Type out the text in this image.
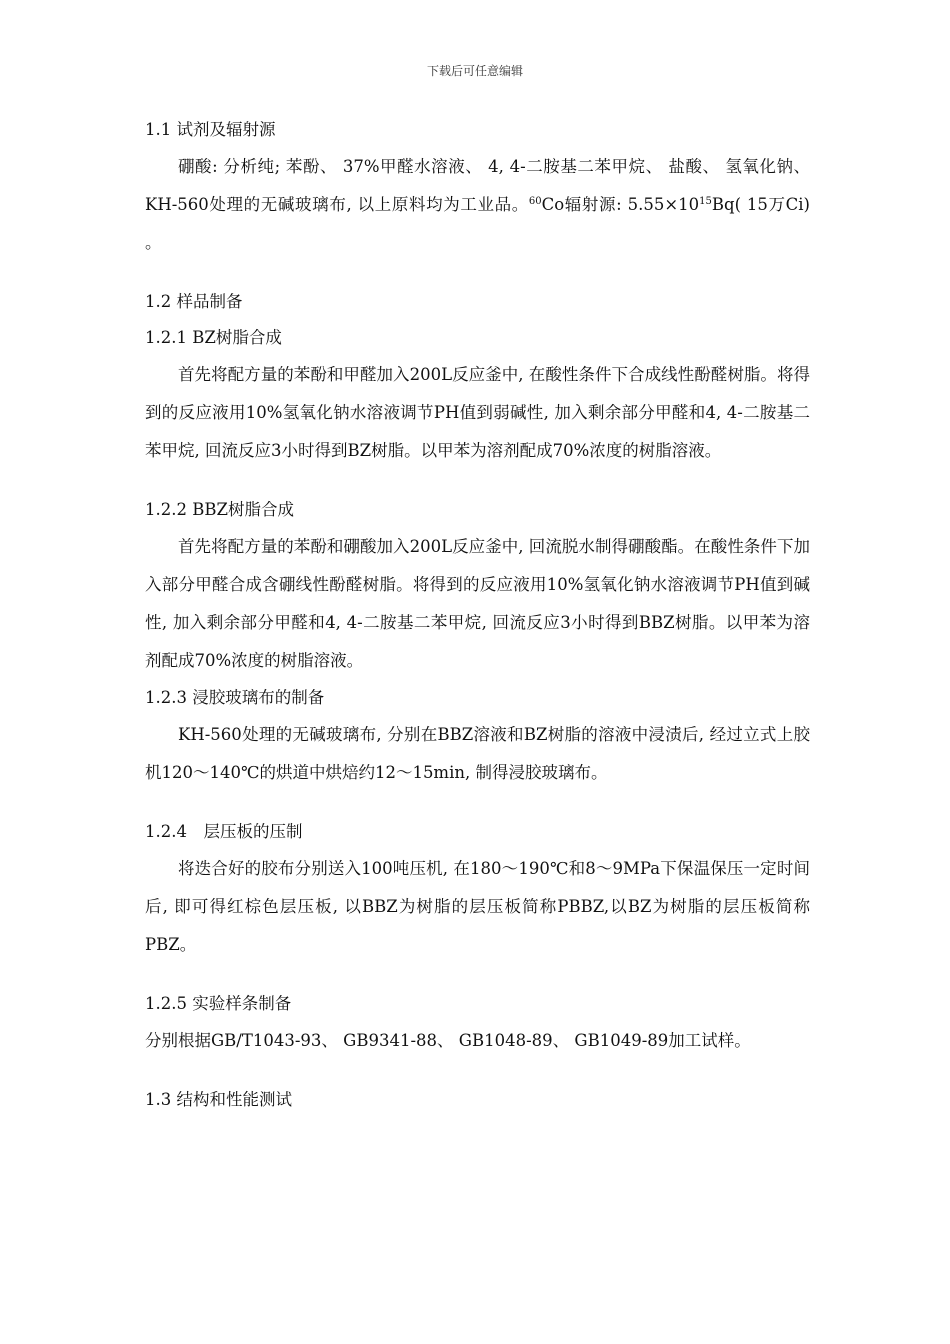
下载后可任意编辑

1.1 试剂及辐射源

硼酸: 分析纯; 苯酚、 37%甲醛水溶液、 4, 4-二胺基二苯甲烷、 盐酸、 氢氧化钠、 KH-560处理的无碱玻璃布, 以上原料均为工业品。$^{60}$Co辐射源: $5.55\times 10^{15}Bq$( 15万Ci) 。

1.2 样品制备

1.2.1 BZ树脂合成

首先将配方量的苯酚和甲醛加入200L反应釜中, 在酸性条件下合成线性酚醛树脂。将得到的反应液用10%氢氧化钠水溶液调节PH值到弱碱性, 加入剩余部分甲醛和4, 4-二胺基二苯甲烷, 回流反应3小时得到BZ树脂。以甲苯为溶剂配成70%浓度的树脂溶液。

1.2.2 BBZ树脂合成

首先将配方量的苯酚和硼酸加入200L反应釜中, 回流脱水制得硼酸酯。在酸性条件下加入部分甲醛合成含硼线性酚醛树脂。将得到的反应液用10%氢氧化钠水溶液调节PH值到碱性, 加入剩余部分甲醛和4, 4-二胺基二苯甲烷, 回流反应3小时得到BBZ树脂。以甲苯为溶剂配成70%浓度的树脂溶液。

1.2.3 浸胶玻璃布的制备

KH-560处理的无碱玻璃布, 分别在BBZ溶液和BZ树脂的溶液中浸渍后, 经过立式上胶机120～140℃的烘道中烘焙约12～15min, 制得浸胶玻璃布。

1.2.4　层压板的压制

将迭合好的胶布分别送入100吨压机, 在180～190℃和8～9MPa下保温保压一定时间后, 即可得红棕色层压板, 以BBZ为树脂的层压板简称PBBZ,以BZ为树脂的层压板简称PBZ。

1.2.5 实验样条制备

分别根据GB/T1043-93、 GB9341-88、 GB1048-89、 GB1049-89加工试样。

1.3 结构和性能测试
